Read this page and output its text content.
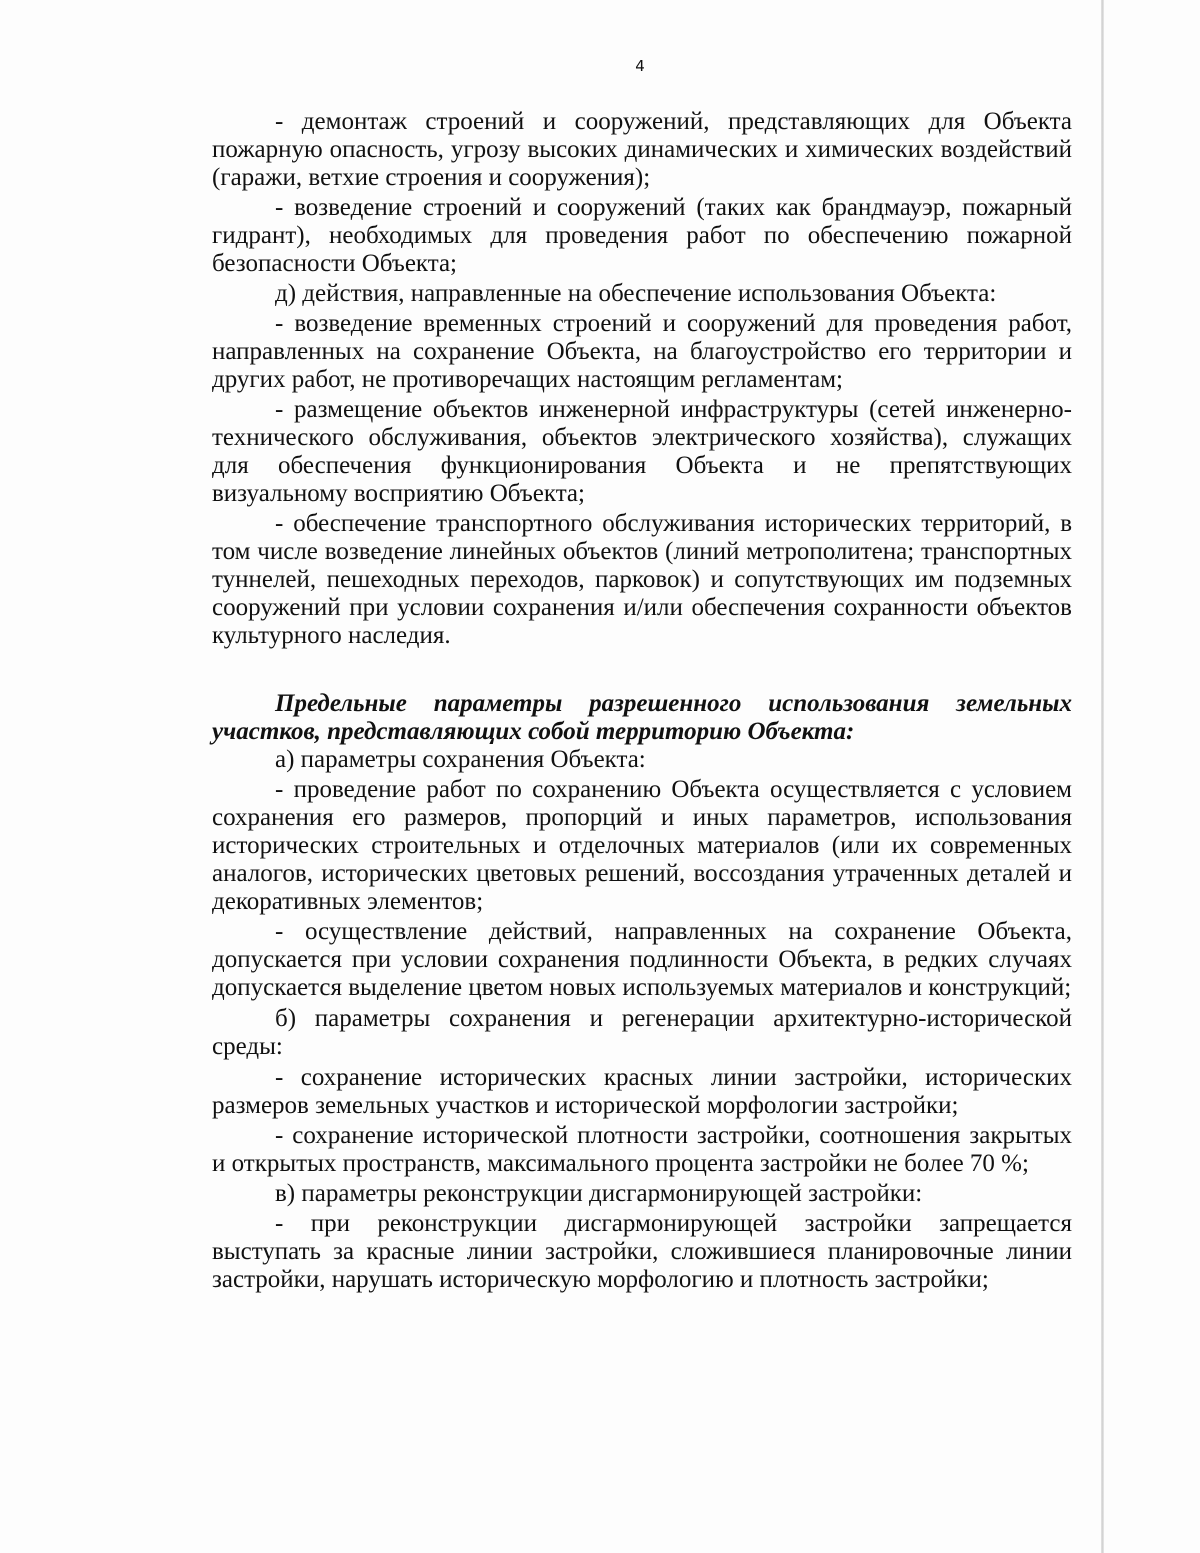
4

- демонтаж строений и сооружений, представляющих для Объекта пожарную опасность, угрозу высоких динамических и химических воздействий (гаражи, ветхие строения и сооружения);

- возведение строений и сооружений (таких как брандмауэр, пожарный гидрант), необходимых для проведения работ по обеспечению пожарной безопасности Объекта;

д) действия, направленные на обеспечение использования Объекта:

- возведение временных строений и сооружений для проведения работ, направленных на сохранение Объекта, на благоустройство его территории и других работ, не противоречащих настоящим регламентам;

- размещение объектов инженерной инфраструктуры (сетей инженерно- технического обслуживания, объектов электрического хозяйства), служащих для обеспечения функционирования Объекта и не препятствующих визуальному восприятию Объекта;

- обеспечение транспортного обслуживания исторических территорий, в том числе возведение линейных объектов (линий метрополитена; транспортных туннелей, пешеходных переходов, парковок) и сопутствующих им подземных сооружений при условии сохранения и/или обеспечения сохранности объектов культурного наследия.

Предельные параметры разрешенного использования земельных участков, представляющих собой территорию Объекта:

а) параметры сохранения Объекта:

- проведение работ по сохранению Объекта осуществляется с условием сохранения его размеров, пропорций и иных параметров, использования исторических строительных и отделочных материалов (или их современных аналогов, исторических цветовых решений, воссоздания утраченных деталей и декоративных элементов;

- осуществление действий, направленных на сохранение Объекта, допускается при условии сохранения подлинности Объекта, в редких случаях допускается выделение цветом новых используемых материалов и конструкций;

б) параметры сохранения и регенерации архитектурно-исторической среды:

- сохранение исторических красных линии застройки, исторических размеров земельных участков и исторической морфологии застройки;

- сохранение исторической плотности застройки, соотношения закрытых и открытых пространств, максимального процента застройки не более 70 %;

в) параметры реконструкции дисгармонирующей застройки:

- при реконструкции дисгармонирующей застройки запрещается выступать за красные линии застройки, сложившиеся планировочные линии застройки, нарушать историческую морфологию и плотность застройки;
